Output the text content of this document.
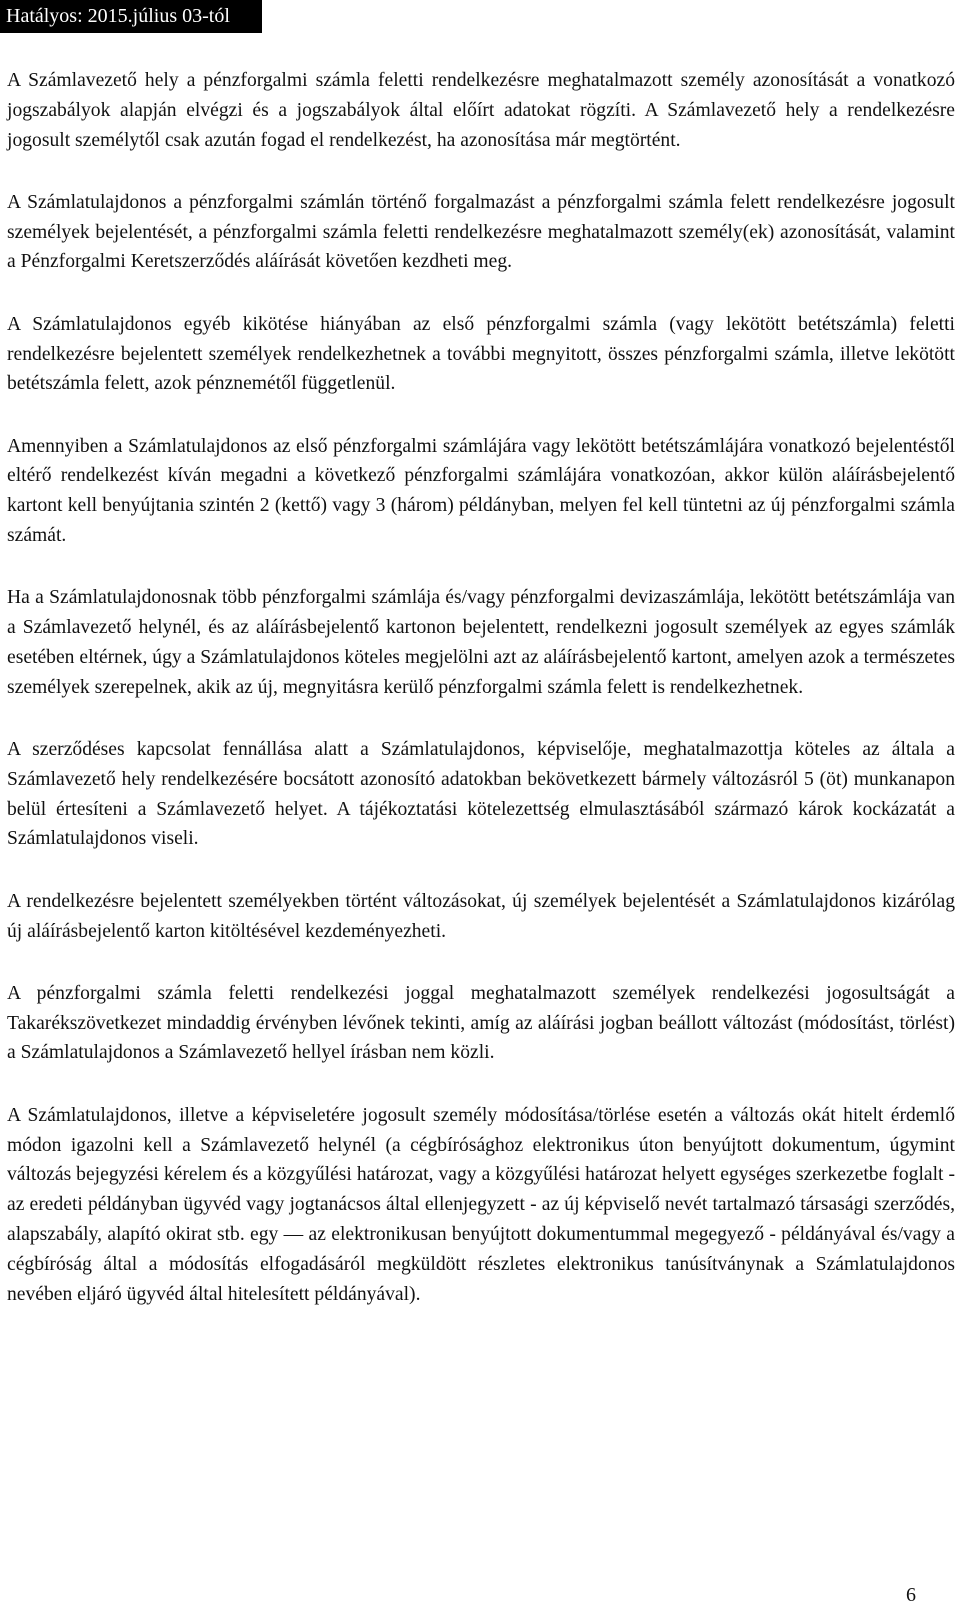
Hatályos: 2015.július 03-tól

A Számlavezető hely a pénzforgalmi számla feletti rendelkezésre meghatalmazott személy azonosítását a vonatkozó jogszabályok alapján elvégzi és a jogszabályok által előírt adatokat rögzíti. A Számlavezető hely a rendelkezésre jogosult személytől csak azután fogad el rendelkezést, ha azonosítása már megtörtént.

A Számlatulajdonos a pénzforgalmi számlán történő forgalmazást a pénzforgalmi számla felett rendelkezésre jogosult személyek bejelentését, a pénzforgalmi számla feletti rendelkezésre meghatalmazott személy(ek) azonosítását, valamint a Pénzforgalmi Keretszerződés aláírását követően kezdheti meg.

A Számlatulajdonos egyéb kikötése hiányában az első pénzforgalmi számla (vagy lekötött betétszámla) feletti rendelkezésre bejelentett személyek rendelkezhetnek a további megnyitott, összes pénzforgalmi számla, illetve lekötött betétszámla felett, azok pénznemétől függetlenül.

Amennyiben a Számlatulajdonos az első pénzforgalmi számlájára vagy lekötött betétszámlájára vonatkozó bejelentéstől eltérő rendelkezést kíván megadni a következő pénzforgalmi számlájára vonatkozóan, akkor külön aláírásbejelentő kartont kell benyújtania szintén 2 (kettő) vagy 3 (három) példányban, melyen fel kell tüntetni az új pénzforgalmi számla számát.

Ha a Számlatulajdonosnak több pénzforgalmi számlája és/vagy pénzforgalmi devizaszámlája, lekötött betétszámlája van a Számlavezető helynél, és az aláírásbejelentő kartonon bejelentett, rendelkezni jogosult személyek az egyes számlák esetében eltérnek, úgy a Számlatulajdonos köteles megjelölni azt az aláírásbejelentő kartont, amelyen azok a természetes személyek szerepelnek, akik az új, megnyitásra kerülő pénzforgalmi számla felett is rendelkezhetnek.

A szerződéses kapcsolat fennállása alatt a Számlatulajdonos, képviselője, meghatalmazottja köteles az általa a Számlavezető hely rendelkezésére bocsátott azonosító adatokban bekövetkezett bármely változásról 5 (öt) munkanapon belül értesíteni a Számlavezető helyet. A tájékoztatási kötelezettség elmulasztásából származó károk kockázatát a Számlatulajdonos viseli.

A rendelkezésre bejelentett személyekben történt változásokat, új személyek bejelentését a Számlatulajdonos kizárólag új aláírásbejelentő karton kitöltésével kezdeményezheti.

A pénzforgalmi számla feletti rendelkezési joggal meghatalmazott személyek rendelkezési jogosultságát a Takarékszövetkezet mindaddig érvényben lévőnek tekinti, amíg az aláírási jogban beállott változást (módosítást, törlést) a Számlatulajdonos a Számlavezető hellyel írásban nem közli.

A Számlatulajdonos, illetve a képviseletére jogosult személy módosítása/törlése esetén a változás okát hitelt érdemlő módon igazolni kell a Számlavezető helynél (a cégbírósághoz elektronikus úton benyújtott dokumentum, úgymint változás bejegyzési kérelem és a közgyűlési határozat, vagy a közgyűlési határozat helyett egységes szerkezetbe foglalt - az eredeti példányban ügyvéd vagy jogtanácsos által ellenjegyzett - az új képviselő nevét tartalmazó társasági szerződés, alapszabály, alapító okirat stb. egy — az elektronikusan benyújtott dokumentummal megegyező - példányával és/vagy a cégbíróság által a módosítás elfogadásáról megküldött részletes elektronikus tanúsítványnak a Számlatulajdonos nevében eljáró ügyvéd által hitelesített példányával).

6
